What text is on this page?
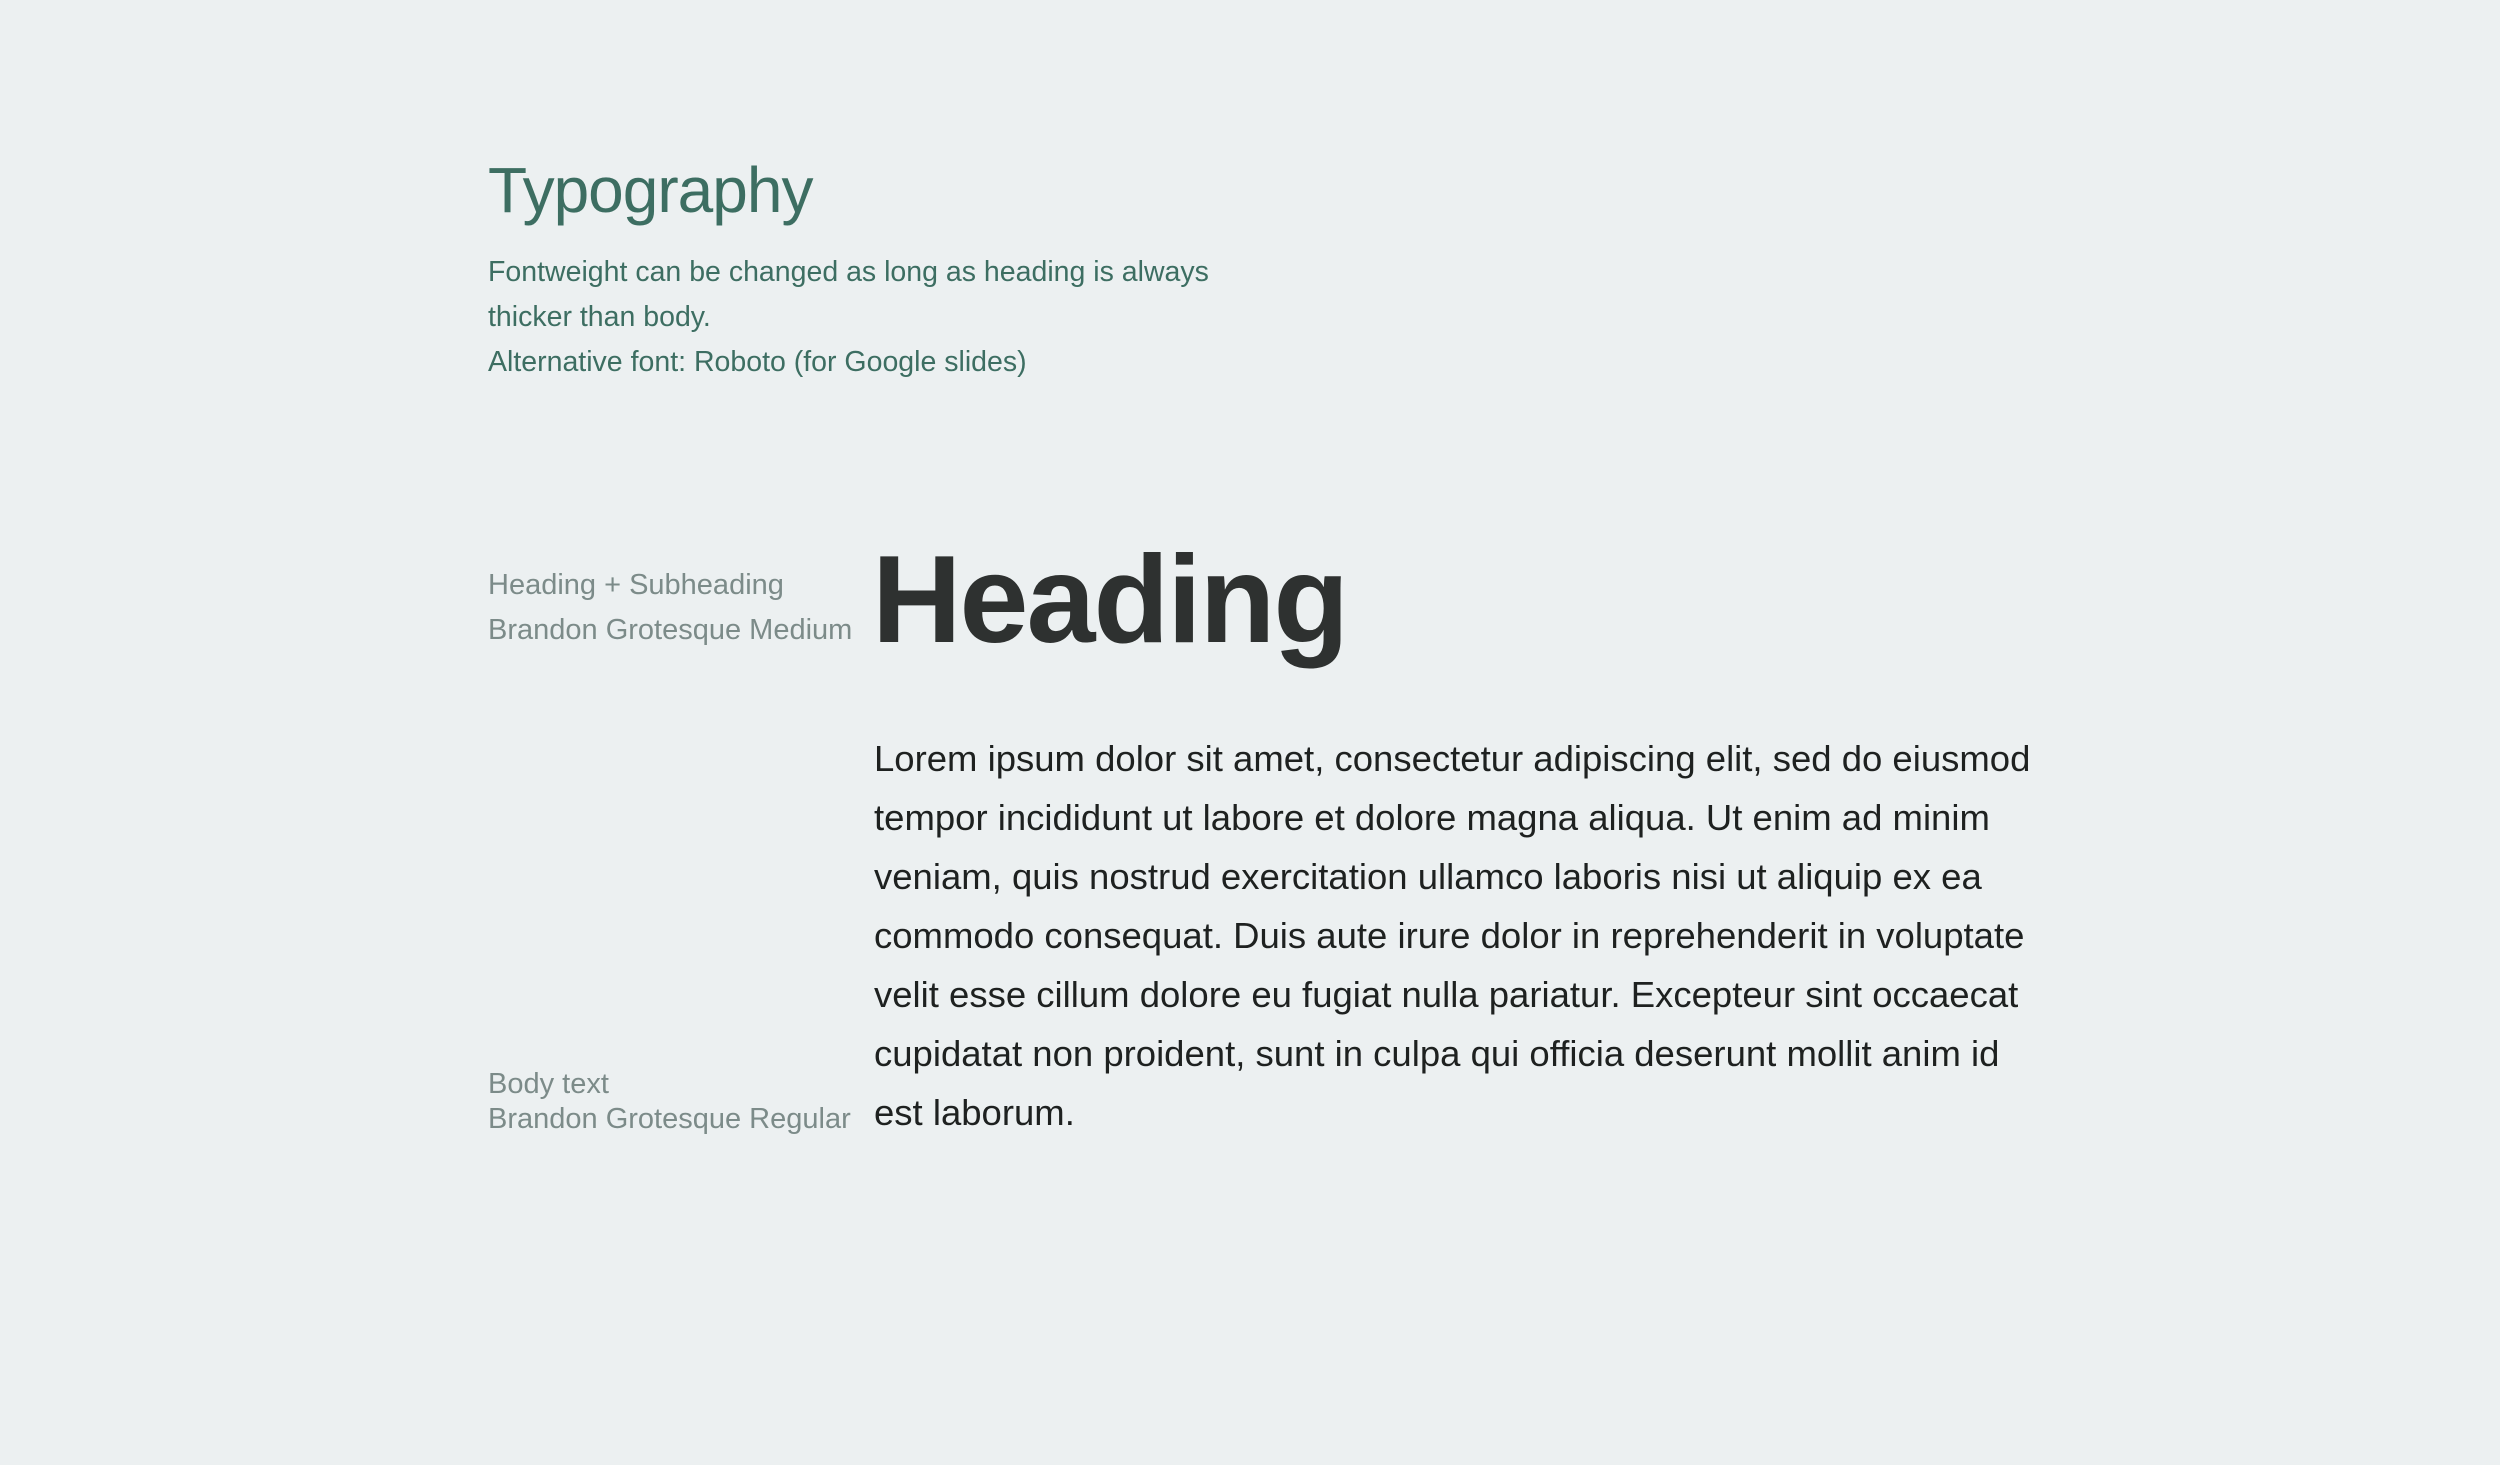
Typography
Fontweight can be changed as long as heading is always
thicker than body.
Alternative font: Roboto (for Google slides)
Heading + Subheading
Brandon Grotesque Medium Heading

Lorem ipsum dolor sit amet, consectetur adipiscing elit, sed do eiusmod tempor incididunt ut labore et dolore magna aliqua. Ut enim ad minim veniam, quis nostrud exercitation ullamco laboris nisi ut aliquip ex ea commodo consequat. Duis aute irure dolor in reprehenderit in voluptate velit esse cillum dolore eu fugiat nulla pariatur. Excepteur sint occaecat cupidatat non proident, sunt in culpa qui officia deserunt mollit anim id est laborum.

Body text
Brandon Grotesque Regular
